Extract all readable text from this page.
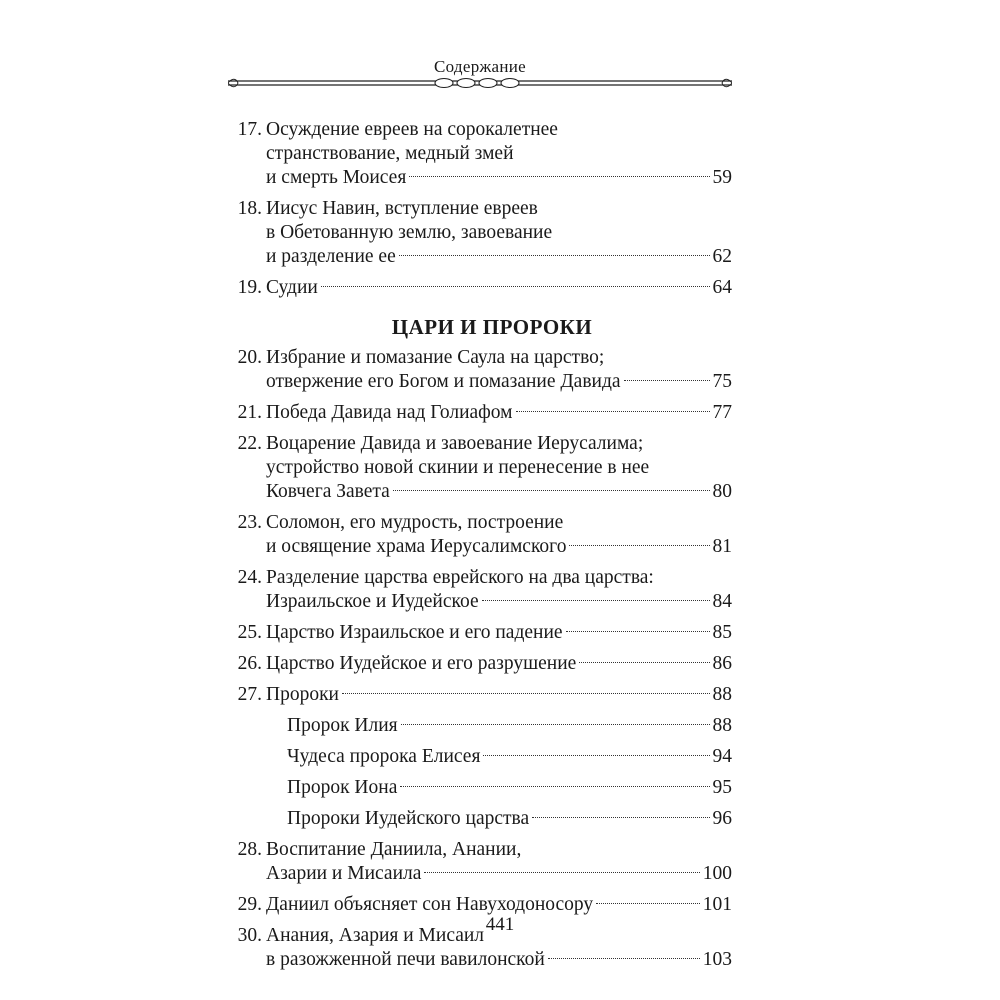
Содержание
17. Осуждение евреев на сорокалетнее
странствование, медный змей
и смерть Моисея	59
18. Иисус Навин, вступление евреев
в Обетованную землю, завоевание
и разделение ее	62
19. Судии	64
ЦАРИ И ПРОРОКИ
20. Избрание и помазание Саула на царство;
отвержение его Богом и помазание Давида	75
21. Победа Давида над Голиафом	77
22. Воцарение Давида и завоевание Иерусалима;
устройство новой скинии и перенесение в нее
Ковчега Завета	80
23. Соломон, его мудрость, построение
и освящение храма Иерусалимского	81
24. Разделение царства еврейского на два царства:
Израильское и Иудейское	84
25. Царство Израильское и его падение	85
26. Царство Иудейское и его разрушение	86
27. Пророки	88
Пророк Илия	88
Чудеса пророка Елисея	94
Пророк Иона	95
Пророки Иудейского царства	96
28. Воспитание Даниила, Анании,
Азарии и Мисаила	100
29. Даниил объясняет сон Навуходоносору	101
30. Анания, Азария и Мисаил
в разожженной печи вавилонской	103
441
